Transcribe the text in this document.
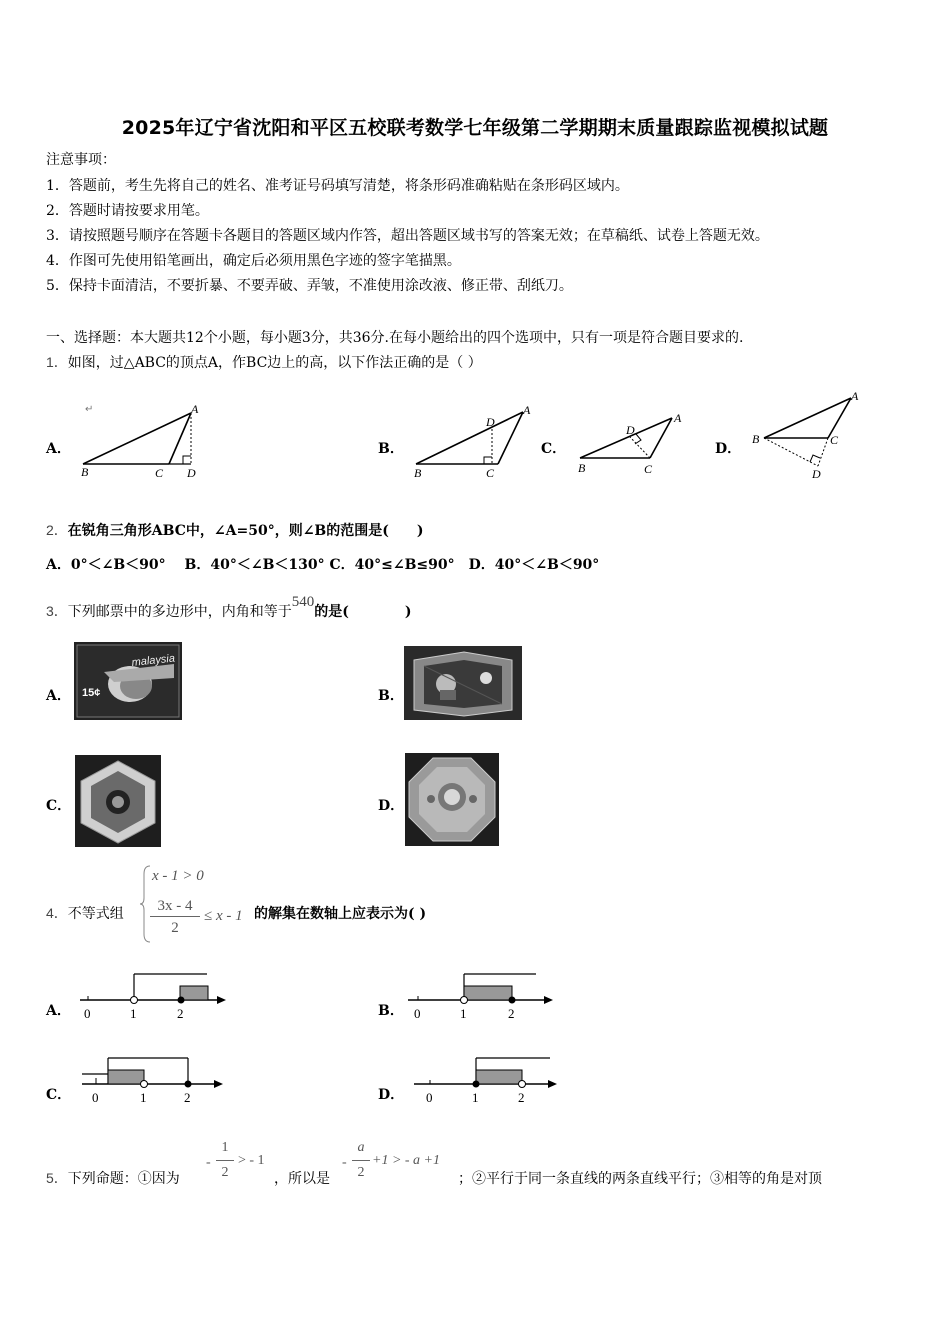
2025年辽宁省沈阳和平区五校联考数学七年级第二学期期末质量跟踪监视模拟试题
注意事项：
1．答题前，考生先将自己的姓名、准考证号码填写清楚，将条形码准确粘贴在条形码区域内。
2．答题时请按要求用笔。
3．请按照题号顺序在答题卡各题目的答题区域内作答，超出答题区域书写的答案无效；在草稿纸、试卷上答题无效。
4．作图可先使用铅笔画出，确定后必须用黑色字迹的签字笔描黑。
5．保持卡面清洁，不要折暴、不要弄破、弄皱，不准使用涂改液、修正带、刮纸刀。
一、选择题：本大题共12个小题，每小题3分，共36分.在每小题给出的四个选项中，只有一项是符合题目要求的.
1．如图，过△ABC的顶点A，作BC边上的高，以下作法正确的是（ ）
A．
↵
B	C D
A
B．
B	C
D
A
C．
B	C
D
A
D．
B	C
D
A
2．在锐角三角形ABC中，∠A=50°，则∠B的范围是(　　)
A．0°＜∠B＜90°　 B．40°＜∠B＜130° C．40°≤∠B≤90°　D．40°＜∠B＜90°
3．下列邮票中的多边形中，内角和等于540的是(　　　　)
A．
malaysia
15¢	B．
C．	D．
4．不等式组
x - 1 > 0
3x - 4
2
≤ x - 1 的解集在数轴上应表示为( )
A． 0	1	2	B． 0	1	2
C． 0	1	2	D． 0	1	2
5．下列命题：①因为
-
1
2
> - 1
，所以是
-
a
2
+1 > - a +1
；②平行于同一条直线的两条直线平行；③相等的角是对顶
